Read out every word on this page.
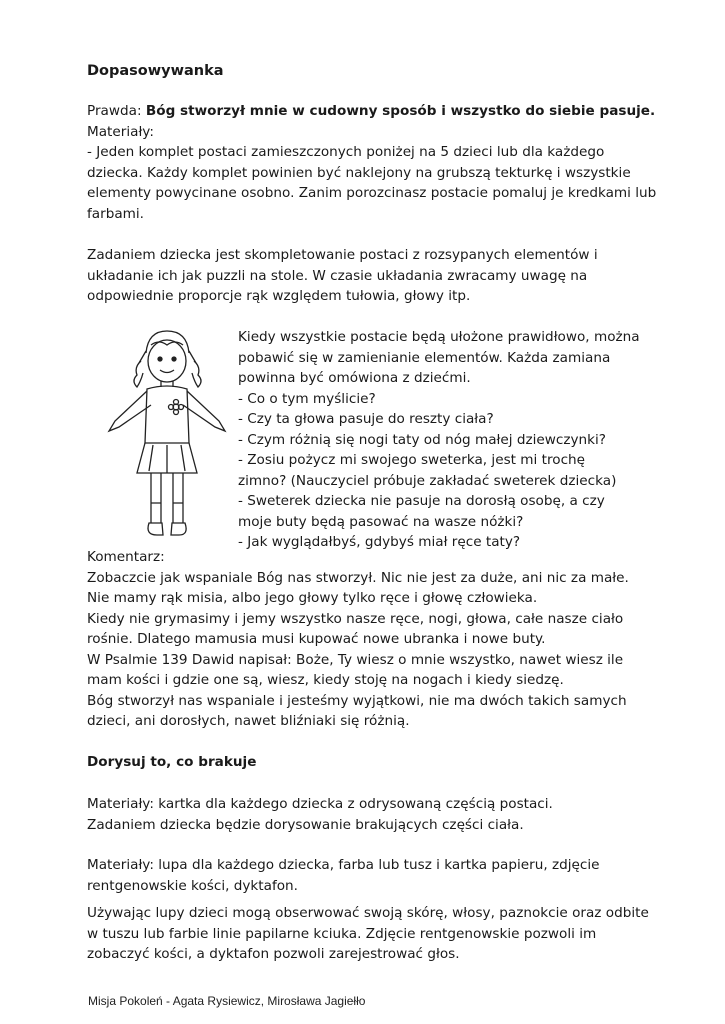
Dopasowywanka
Prawda: Bóg stworzył mnie w cudowny sposób i wszystko do siebie pasuje.
Materiały:
- Jeden komplet postaci zamieszczonych poniżej na 5 dzieci lub dla każdego
dziecka. Każdy komplet powinien być naklejony na grubszą tekturkę i wszystkie
elementy powycinane osobno. Zanim porozcinasz postacie pomaluj je kredkami lub
farbami.
Zadaniem dziecka jest skompletowanie postaci z rozsypanych elementów i
układanie ich jak puzzli na stole. W czasie układania zwracamy uwagę na
odpowiednie proporcje rąk względem tułowia, głowy itp.
Kiedy wszystkie postacie będą ułożone prawidłowo, można
pobawić się w zamienianie elementów. Każda zamiana
powinna być omówiona z dziećmi.
- Co o tym myślicie?
- Czy ta głowa pasuje do reszty ciała?
- Czym różnią się nogi taty od nóg małej dziewczynki?
- Zosiu pożycz mi swojego sweterka, jest mi trochę
zimno? (Nauczyciel próbuje zakładać sweterek dziecka)
- Sweterek dziecka nie pasuje na dorosłą osobę, a czy
moje buty będą pasować na wasze nóżki?
- Jak wyglądałbyś, gdybyś miał ręce taty?
Komentarz:
Zobaczcie jak wspaniale Bóg nas stworzył. Nic nie jest za duże, ani nic za małe.
Nie mamy rąk misia, albo jego głowy tylko ręce i głowę człowieka.
Kiedy nie grymasimy i jemy wszystko nasze ręce, nogi, głowa, całe nasze ciało
rośnie. Dlatego mamusia musi kupować nowe ubranka i nowe buty.
W Psalmie 139 Dawid napisał: Boże, Ty wiesz o mnie wszystko, nawet wiesz ile
mam kości i gdzie one są, wiesz, kiedy stoję na nogach i kiedy siedzę.
Bóg stworzył nas wspaniale i jesteśmy wyjątkowi, nie ma dwóch takich samych
dzieci, ani dorosłych, nawet bliźniaki się różnią.
Dorysuj to, co brakuje
Materiały: kartka dla każdego dziecka z odrysowaną częścią postaci.
Zadaniem dziecka będzie dorysowanie brakujących części ciała.
Materiały: lupa dla każdego dziecka, farba lub tusz i kartka papieru, zdjęcie
rentgenowskie kości, dyktafon.
Używając lupy dzieci mogą obserwować swoją skórę, włosy, paznokcie oraz odbite
w tuszu lub farbie linie papilarne kciuka. Zdjęcie rentgenowskie pozwoli im
zobaczyć kości, a dyktafon pozwoli zarejestrować głos.
Misja Pokoleń - Agata Rysiewicz, Mirosława Jagiełło
